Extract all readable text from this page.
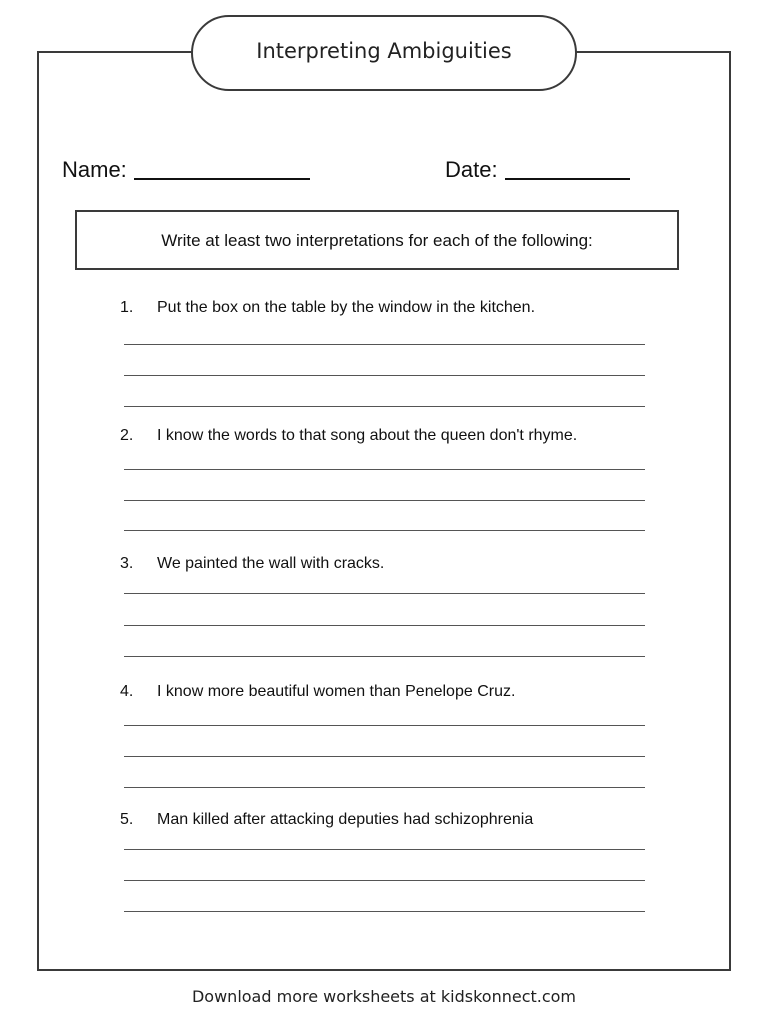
Interpreting Ambiguities
Name:	Date:
Write at least two interpretations for each of the following:
1. Put the box on the table by the window in the kitchen.
2. I know the words to that song about the queen don't rhyme.
3. We painted the wall with cracks.
4. I know more beautiful women than Penelope Cruz.
5. Man killed after attacking deputies had schizophrenia
Download more worksheets at kidskonnect.com
